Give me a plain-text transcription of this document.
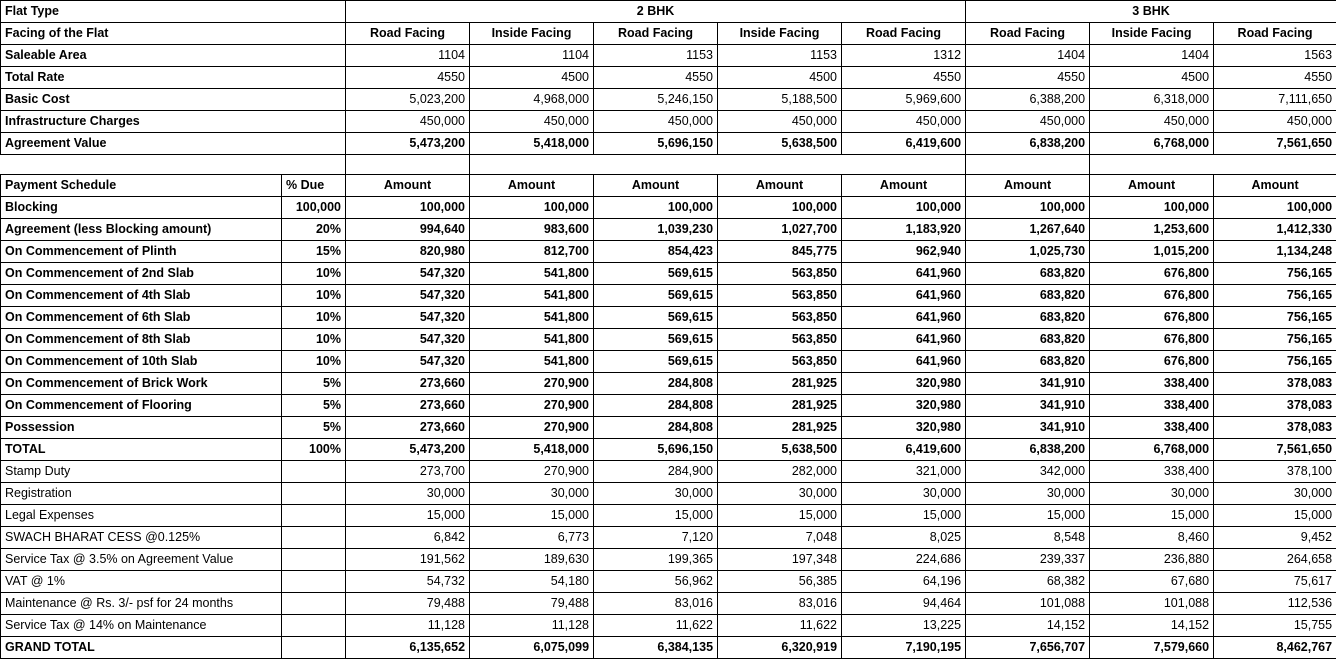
Flat Type		2 BHK					3 BHK		
Facing of the Flat		Road Facing	Inside Facing	Road Facing	Inside Facing	Road Facing	Road Facing	Inside Facing	Road Facing
Saleable Area		1104	1104	1153	1153	1312	1404	1404	1563
Total Rate		4550	4500	4550	4500	4550	4550	4500	4550
Basic Cost		5,023,200	4,968,000	5,246,150	5,188,500	5,969,600	6,388,200	6,318,000	7,111,650
Infrastructure Charges		450,000	450,000	450,000	450,000	450,000	450,000	450,000	450,000
Agreement Value		5,473,200	5,418,000	5,696,150	5,638,500	6,419,600	6,838,200	6,768,000	7,561,650

Payment Schedule	% Due	Amount	Amount	Amount	Amount	Amount	Amount	Amount	Amount
Blocking	100,000	100,000	100,000	100,000	100,000	100,000	100,000	100,000	100,000
Agreement (less Blocking amount)	20%	994,640	983,600	1,039,230	1,027,700	1,183,920	1,267,640	1,253,600	1,412,330
On Commencement of Plinth	15%	820,980	812,700	854,423	845,775	962,940	1,025,730	1,015,200	1,134,248
On Commencement of 2nd Slab	10%	547,320	541,800	569,615	563,850	641,960	683,820	676,800	756,165
On Commencement of 4th Slab	10%	547,320	541,800	569,615	563,850	641,960	683,820	676,800	756,165
On Commencement of 6th Slab	10%	547,320	541,800	569,615	563,850	641,960	683,820	676,800	756,165
On Commencement of 8th Slab	10%	547,320	541,800	569,615	563,850	641,960	683,820	676,800	756,165
On Commencement of 10th Slab	10%	547,320	541,800	569,615	563,850	641,960	683,820	676,800	756,165
On Commencement of Brick Work	5%	273,660	270,900	284,808	281,925	320,980	341,910	338,400	378,083
On Commencement of Flooring	5%	273,660	270,900	284,808	281,925	320,980	341,910	338,400	378,083
Possession	5%	273,660	270,900	284,808	281,925	320,980	341,910	338,400	378,083
TOTAL	100%	5,473,200	5,418,000	5,696,150	5,638,500	6,419,600	6,838,200	6,768,000	7,561,650
Stamp Duty		273,700	270,900	284,900	282,000	321,000	342,000	338,400	378,100
Registration		30,000	30,000	30,000	30,000	30,000	30,000	30,000	30,000
Legal Expenses		15,000	15,000	15,000	15,000	15,000	15,000	15,000	15,000
SWACH BHARAT CESS @0.125%		6,842	6,773	7,120	7,048	8,025	8,548	8,460	9,452
Service Tax @ 3.5% on Agreement Value		191,562	189,630	199,365	197,348	224,686	239,337	236,880	264,658
VAT @ 1%		54,732	54,180	56,962	56,385	64,196	68,382	67,680	75,617
Maintenance @ Rs. 3/- psf for 24 months		79,488	79,488	83,016	83,016	94,464	101,088	101,088	112,536
Service Tax @ 14% on Maintenance		11,128	11,128	11,622	11,622	13,225	14,152	14,152	15,755
GRAND TOTAL		6,135,652	6,075,099	6,384,135	6,320,919	7,190,195	7,656,707	7,579,660	8,462,767
